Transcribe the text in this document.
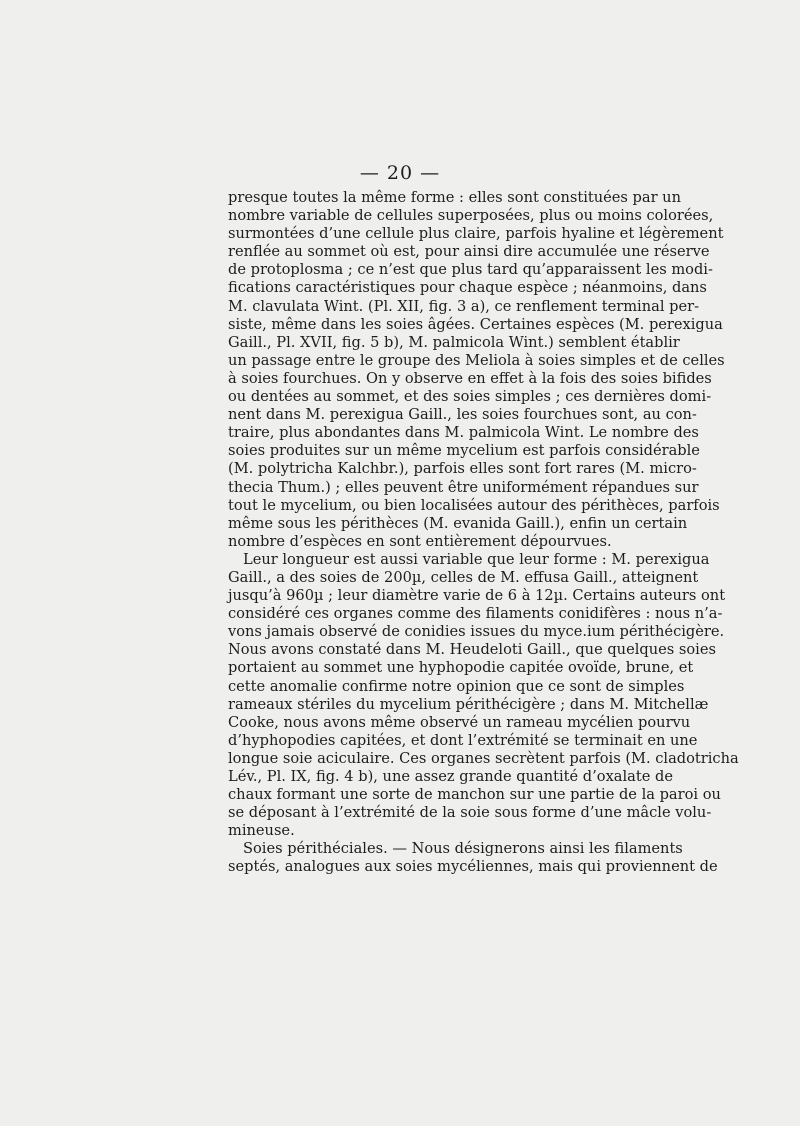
— 20 —
presque toutes la même forme : elles sont constituées par un
nombre variable de cellules superposées, plus ou moins colorées,
surmontées d’une cellule plus claire, parfois hyaline et légèrement
renflée au sommet où est, pour ainsi dire accumulée une réserve
de protoplosma ; ce n’est que plus tard qu’apparaissent les modi-
fications caractéristiques pour chaque espèce ; néanmoins, dans
M. clavulata Wint. (Pl. XII, fig. 3 a), ce renflement terminal per-
siste, même dans les soies âgées. Certaines espèces (M. perexigua
Gaill., Pl. XVII, fig. 5 b), M. palmicola Wint.) semblent établir
un passage entre le groupe des Meliola à soies simples et de celles
à soies fourchues. On y observe en effet à la fois des soies bifides
ou dentées au sommet, et des soies simples ; ces dernières domi-
nent dans M. perexigua Gaill., les soies fourchues sont, au con-
traire, plus abondantes dans M. palmicola Wint. Le nombre des
soies produites sur un même mycelium est parfois considérable
(M. polytricha Kalchbr.), parfois elles sont fort rares (M. micro-
thecia Thum.) ; elles peuvent être uniformément répandues sur
tout le mycelium, ou bien localisées autour des périthèces, parfois
même sous les périthèces (M. evanida Gaill.), enfin un certain
nombre d’espèces en sont entièrement dépourvues.
Leur longueur est aussi variable que leur forme : M. perexigua
Gaill., a des soies de 200µ, celles de M. effusa Gaill., atteignent
jusqu’à 960µ ; leur diamètre varie de 6 à 12µ. Certains auteurs ont
considéré ces organes comme des filaments conidifères : nous n’a-
vons jamais observé de conidies issues du myce.ium périthécigère.
Nous avons constaté dans M. Heudeloti Gaill., que quelques soies
portaient au sommet une hyphopodie capitée ovoïde, brune, et
cette anomalie confirme notre opinion que ce sont de simples
rameaux stériles du mycelium périthécigère ; dans M. Mitchellæ
Cooke, nous avons même observé un rameau mycélien pourvu
d’hyphopodies capitées, et dont l’extrémité se terminait en une
longue soie aciculaire. Ces organes secrètent parfois (M. cladotricha
Lév., Pl. IX, fig. 4 b), une assez grande quantité d’oxalate de
chaux formant une sorte de manchon sur une partie de la paroi ou
se déposant à l’extrémité de la soie sous forme d’une mâcle volu-
mineuse.
Soies périthéciales. — Nous désignerons ainsi les filaments
septés, analogues aux soies mycéliennes, mais qui proviennent de
